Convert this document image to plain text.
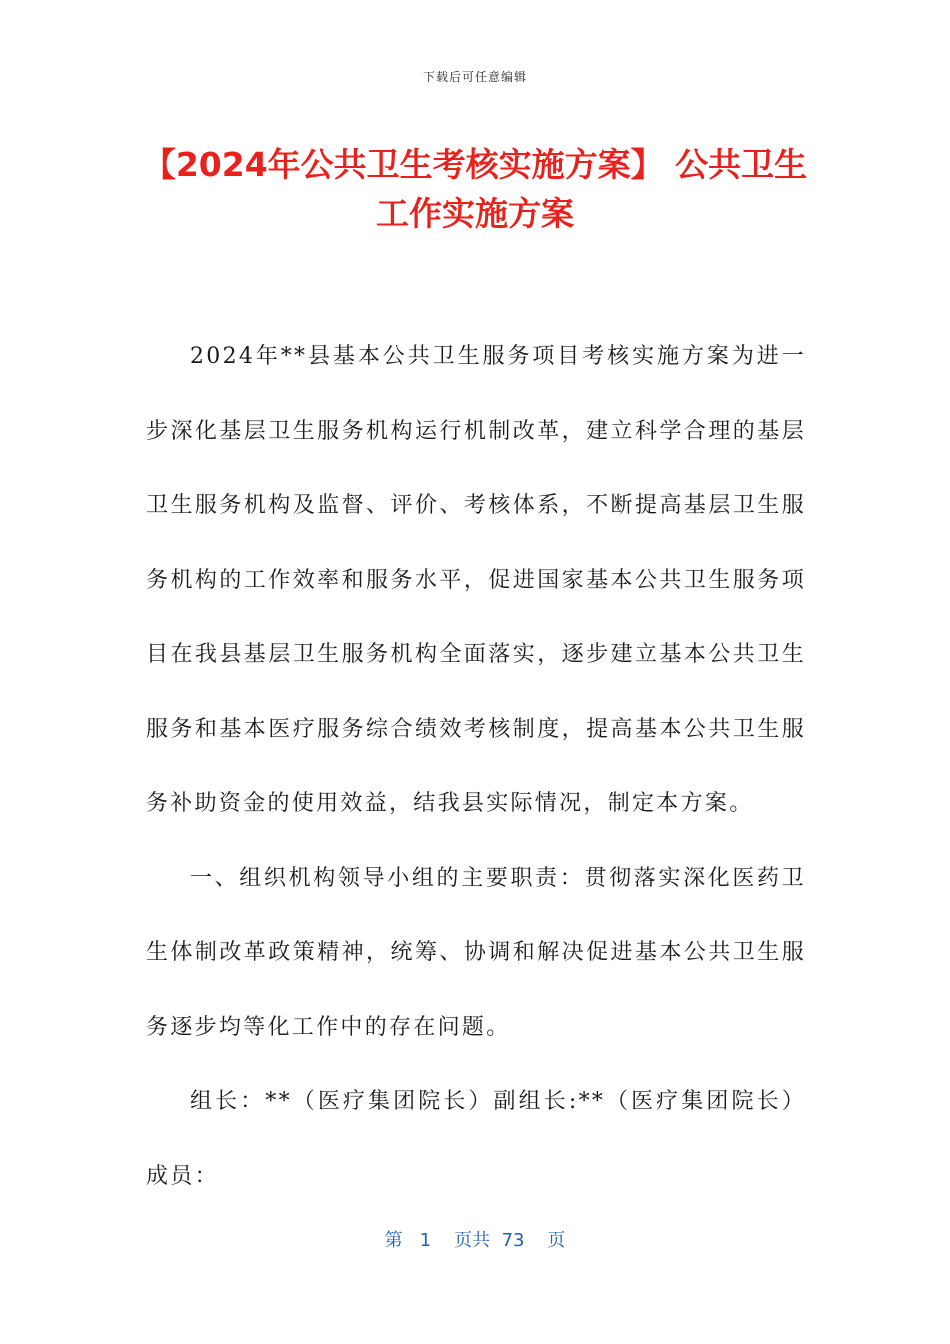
下载后可任意编辑
【2024年公共卫生考核实施方案】 公共卫生工作实施方案

2024年**县基本公共卫生服务项目考核实施方案为进一步深化基层卫生服务机构运行机制改革，建立科学合理的基层卫生服务机构及监督、评价、考核体系，不断提高基层卫生服务机构的工作效率和服务水平，促进国家基本公共卫生服务项目在我县基层卫生服务机构全面落实，逐步建立基本公共卫生服务和基本医疗服务综合绩效考核制度，提高基本公共卫生服务补助资金的使用效益，结我县实际情况，制定本方案。

一、组织机构领导小组的主要职责：贯彻落实深化医药卫生体制改革政策精神，统筹、协调和解决促进基本公共卫生服务逐步均等化工作中的存在问题。

组长：**（医疗集团院长）副组长:**（医疗集团院长）成员：

第 1 页共 73 页
